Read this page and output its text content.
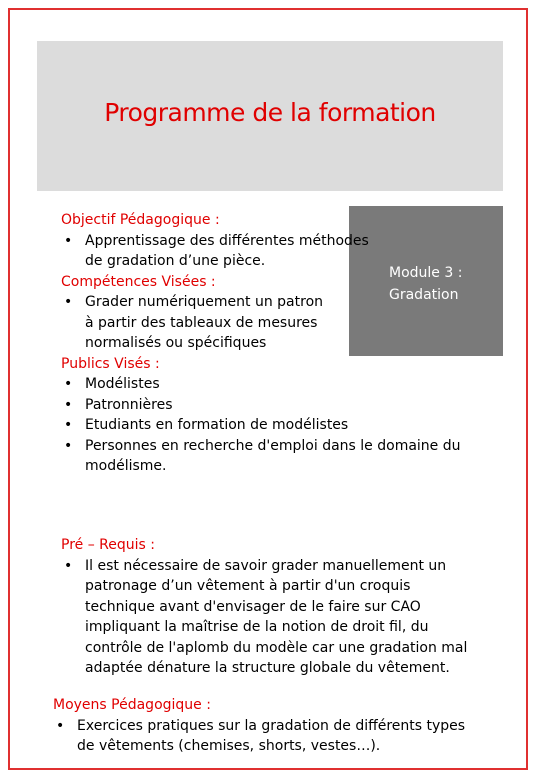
Programme de la formation
Module 3 :
Gradation
Objectif Pédagogique :
• Apprentissage des différentes méthodes de gradation d’une pièce.
Compétences Visées :
• Grader numériquement un patron à partir des tableaux de mesures normalisés ou spécifiques
Publics Visés :
• Modélistes
• Patronnières
• Etudiants en formation de modélistes
• Personnes en recherche d'emploi dans le domaine du modélisme.
Pré – Requis :
• Il est nécessaire de savoir grader manuellement un patronage d’un vêtement à partir d'un croquis technique avant d'envisager de le faire sur CAO impliquant la maîtrise de la notion de droit fil, du contrôle de l'aplomb du modèle car une gradation mal adaptée dénature la structure globale du vêtement.
Moyens Pédagogique :
• Exercices pratiques sur la gradation de différents types de vêtements (chemises, shorts, vestes…).
